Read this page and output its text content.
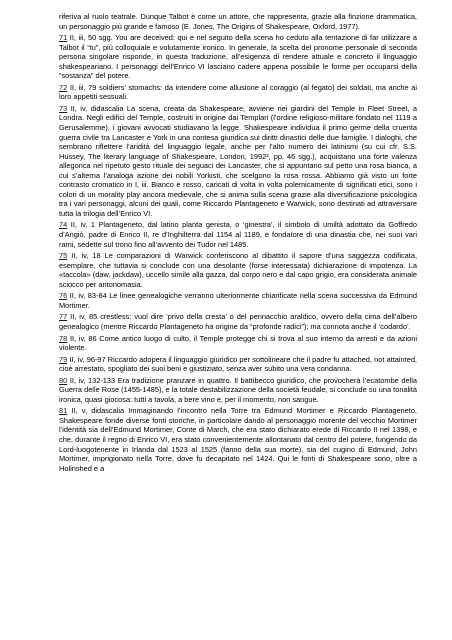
riferiva al ruolo teatrale. Dunque Talbot è come un attore, che rappresenta, grazie alla finzione drammatica, un personaggio più grande e famoso (E. Jones, The Origins of Shakespeare, Oxford, 1977).

71 II, iii, 50 sgg. You are deceived: qui e nel seguito della scena ho ceduto alla tentazione di far utilizzare a Talbot il “tu”, più colloquiale e volutamente ironico. In generale, la scelta del pronome personale di seconda persona singolare risponde, in questa traduzione, all’esigenza di rendere attuale e concreto il linguaggio shakespeariano. I personaggi dell’Enrico VI lasciano cadere appena possibile le forme per occuparsi della “sostanza” del potere.

72 II, iii, 79 soldiers’ stomachs: da intendere come allusione al coraggio (al fegato) dei soldati, ma anche ai loro appetiti sessuali.

73 II, iv, didascalia La scena, creata da Shakespeare, avviene nei giardini del Temple in Fleet Street, a Londra. Negli edifici del Temple, costruiti in origine dai Templari (l’ordine religioso-militare fondato nel 1119 a Gerusalemme), i giovani avvocati studiavano la legge. Shakespeare individua il primo germe della cruenta guerra civile tra Lancaster e York in una contesa giuridica sui diritti dinastici delle due famiglie. I dialoghi, che sembrano riflettere l’aridità del linguaggio legale, anche per l’alto numero dei latinismi (su cui cfr. S.S. Hussey, The literary language of Shakespeare, London, 1992², pp. 46 sgg.), acquistano una forte valenza allegorica nel ripetuto gesto rituale dei seguaci dei Lancaster, che si appuntano sul petto una rosa bianca, a cui s’alterna l’analoga azione dei nobili Yorkisti, che scelgono la rosa rossa. Abbiamo già visto un forte contrasto cromatico in I, iii. Bianco e rosso, caricati di volta in volta polemicamente di significati etici, sono i colori di un morality play ancora medievale, che si anima sulla scena grazie alla diversificazione psicologica tra i vari personaggi, alcuni dei quali, come Riccardo Plantageneto e Warwick, sono destinati ad attraversare tutta la trilogia dell’Enrico VI.

74 II, iv, 1 Plantageneto, dal latino planta genista, o ‘ginestra’, il simbolo di umiltà adottato da Goffredo d’Angiò, padre di Enrico II, re d’Inghilterra dal 1154 al 1189, e fondatore di una dinastia che, nei suoi vari rami, sedette sul trono fino all’avvento dei Tudor nel 1485.

75 II, iv, 18 Le comparazioni di Warwick conferiscono al dibattito il sapore d’una saggezza codificata, esemplare, che tuttavia si conclude con una desolante (forse interessata) dichiarazione di impotenza. La «taccola» (daw, jackdaw), uccello simile alla gazza, dal corpo nero e dal capo grigio, era considerata animale sciocco per antonomasia.

76 II, iv, 83-84 Le linee genealogiche verranno ulteriormente chiarificate nella scena successiva da Edmund Mortimer.

77 II, iv, 85 crestless: vuol dire ‘privo della cresta’ o del pennacchio araldico, ovvero della cima dell’albero genealogico (mentre Riccardo Plantageneto ha origine da “profonde radici”); ma connota anche il ‘codardo’.

78 II, iv, 86 Come antico luogo di culto, il Temple protegge chi si trova al suo interno da arresti e da azioni violente.

79 II, iv, 96-97 Riccardo adopera il linguaggio giuridico per sottolineare che il padre fu attached, not attainted, cioè arrestato, spogliato dei suoi beni e giustiziato, senza aver subito una vera condanna.

80 II, iv, 132-133 Era tradizione pranzare in quattro. Il battibecco giuridico, che provocherà l’ecatombe della Guerra delle Rose (1455-1485), e la totale destabilizzazione della società feudale, si conclude su una tonalità ironica, quasi giocosa: tutti a tavola, a bere vino e, per il momento, non sangue.

81 II, v, didascalia Immaginando l’incontro nella Torre tra Edmund Mortimer e Riccardo Plantageneto, Shakespeare fonde diverse fonti storiche, in particolare dando al personaggio morente del vecchio Mortimer l’identità sia dell’Edmund Mortimer, Conte di March, che era stato dichiarato erede di Riccardo II nel 1398, e che, durante il regno di Enrico VI, era stato convenientemente allontanato dal centro del potere, fungendo da Lord-luogotenente in Irlanda dal 1523 al 1525 (fanno della sua morte), sia del cugino di Edmund, John Mortimer, imprigionato nella Torre, dove fu decapitato nel 1424. Qui le fonti di Shakespeare sono, oltre a Holinshed e a
